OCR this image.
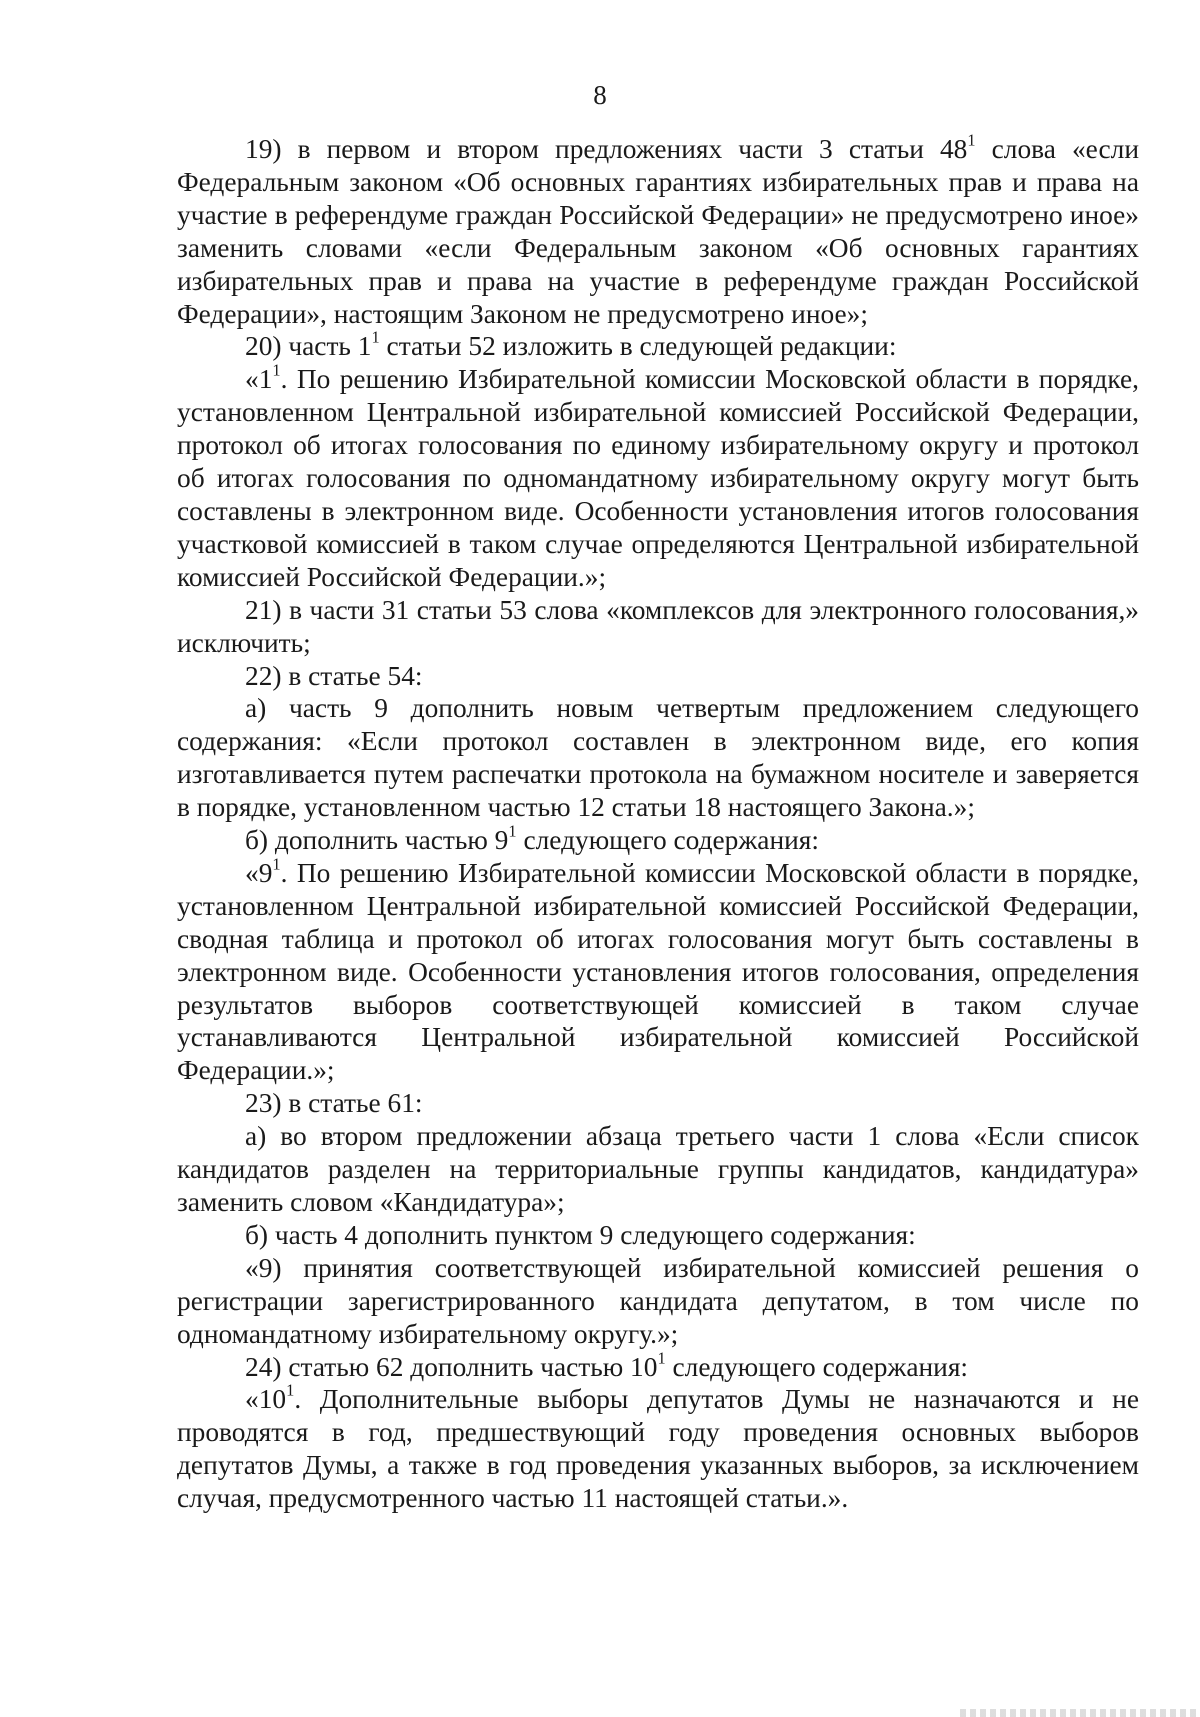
8

19) в первом и втором предложениях части 3 статьи $48^1$ слова «если Федеральным законом «Об основных гарантиях избирательных прав и права на участие в референдуме граждан Российской Федерации» не предусмотрено иное» заменить словами «если Федеральным законом «Об основных гарантиях избирательных прав и права на участие в референдуме граждан Российской Федерации», настоящим Законом не предусмотрено иное»;

20) часть $1^1$ статьи 52 изложить в следующей редакции:

«$1^1$. По решению Избирательной комиссии Московской области в порядке, установленном Центральной избирательной комиссией Российской Федерации, протокол об итогах голосования по единому избирательному округу и протокол об итогах голосования по одномандатному избирательному округу могут быть составлены в электронном виде. Особенности установления итогов голосования участковой комиссией в таком случае определяются Центральной избирательной комиссией Российской Федерации.»;

21) в части 31 статьи 53 слова «комплексов для электронного голосования,» исключить;

22) в статье 54:

а) часть 9 дополнить новым четвертым предложением следующего содержания: «Если протокол составлен в электронном виде, его копия изготавливается путем распечатки протокола на бумажном носителе и заверяется в порядке, установленном частью 12 статьи 18 настоящего Закона.»;

б) дополнить частью $9^1$ следующего содержания:

«$9^1$. По решению Избирательной комиссии Московской области в порядке, установленном Центральной избирательной комиссией Российской Федерации, сводная таблица и протокол об итогах голосования могут быть составлены в электронном виде. Особенности установления итогов голосования, определения результатов выборов соответствующей комиссией в таком случае устанавливаются Центральной избирательной комиссией Российской Федерации.»;

23) в статье 61:

а) во втором предложении абзаца третьего части 1 слова «Если список кандидатов разделен на территориальные группы кандидатов, кандидатура» заменить словом «Кандидатура»;

б) часть 4 дополнить пунктом 9 следующего содержания:

«9) принятия соответствующей избирательной комиссией решения о регистрации зарегистрированного кандидата депутатом, в том числе по одномандатному избирательному округу.»;

24) статью 62 дополнить частью $10^1$ следующего содержания:

«$10^1$. Дополнительные выборы депутатов Думы не назначаются и не проводятся в год, предшествующий году проведения основных выборов депутатов Думы, а также в год проведения указанных выборов, за исключением случая, предусмотренного частью 11 настоящей статьи.».
